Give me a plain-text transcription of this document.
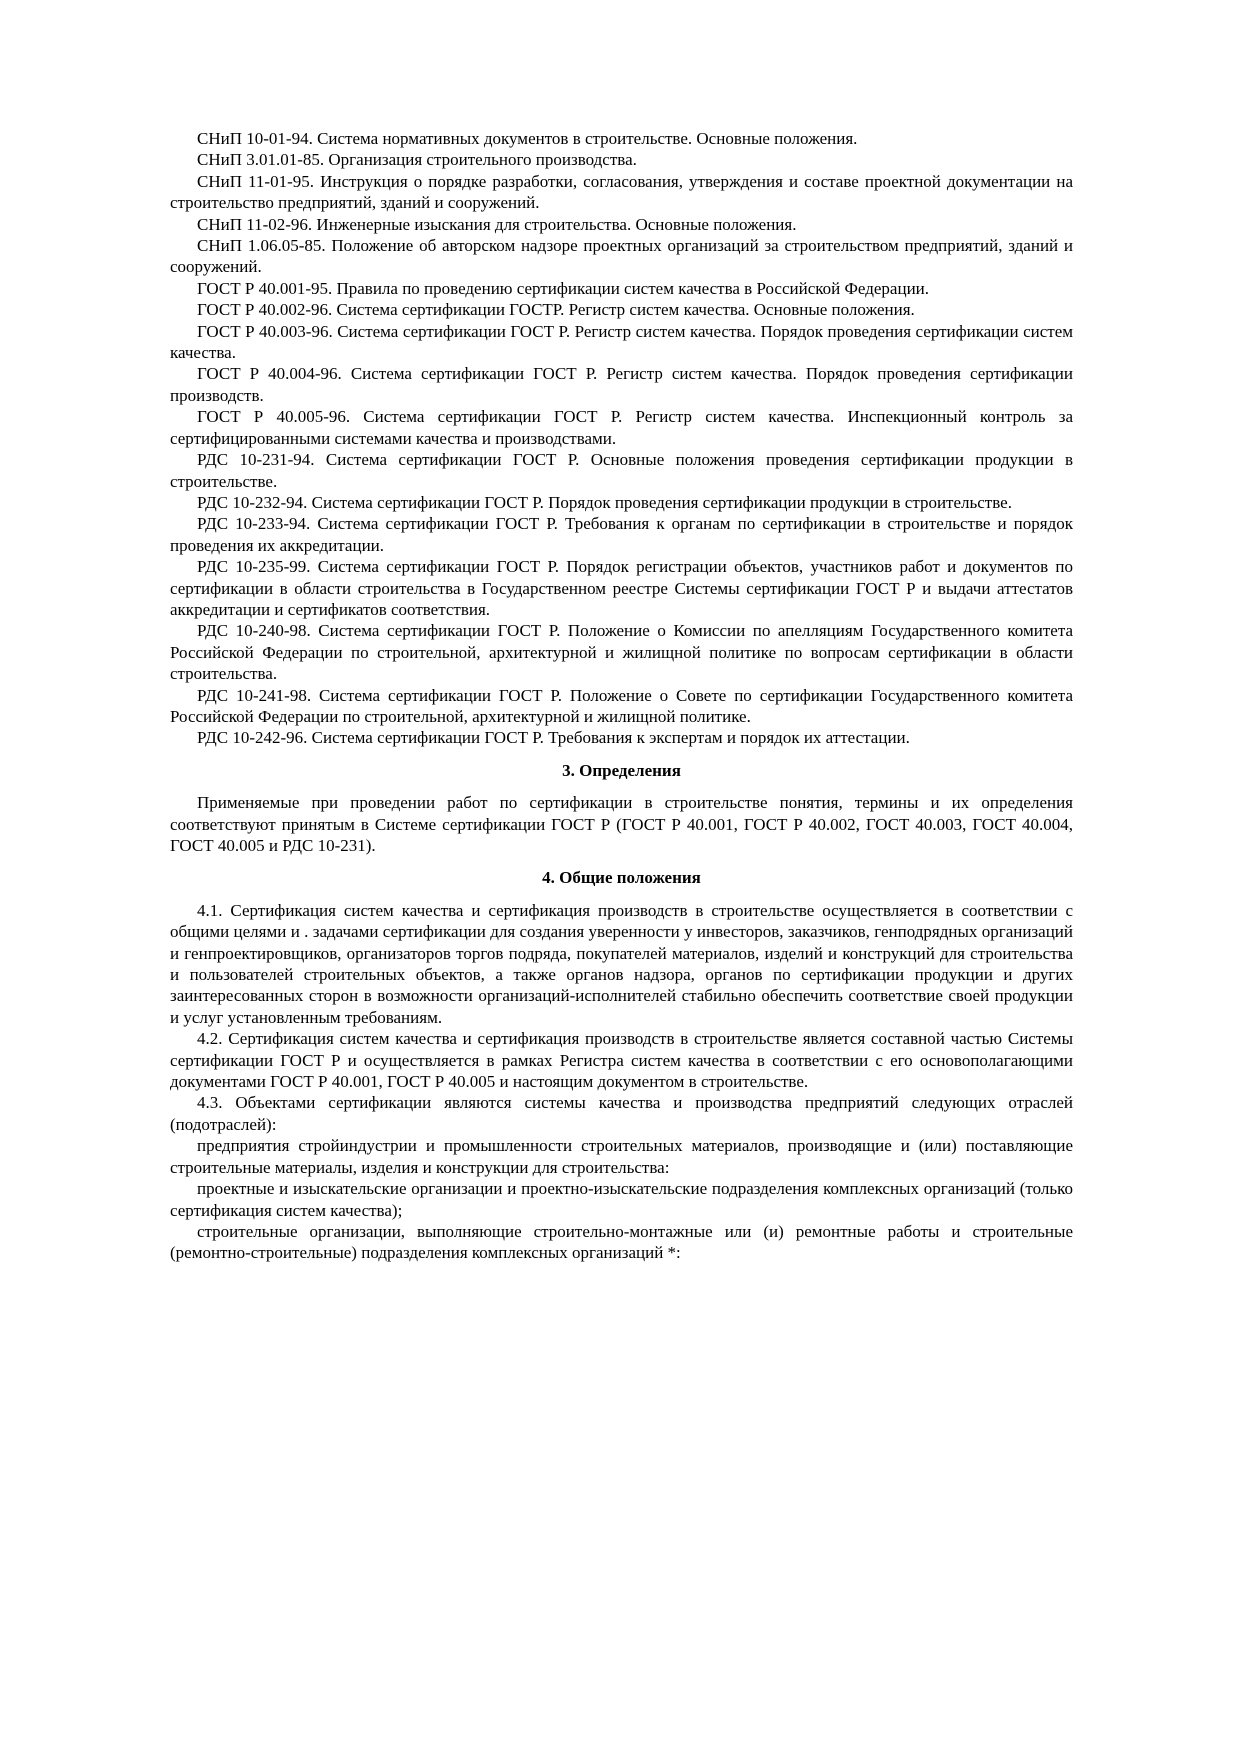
СНиП 10-01-94. Система нормативных документов в строительстве. Основные положения.

СНиП 3.01.01-85. Организация строительного производства.

СНиП 11-01-95. Инструкция о порядке разработки, согласования, утверждения и составе проектной документации на строительство предприятий, зданий и сооружений.

СНиП 11-02-96. Инженерные изыскания для строительства. Основные положения.

СНиП 1.06.05-85. Положение об авторском надзоре проектных организаций за строительством предприятий, зданий и сооружений.

ГОСТ Р 40.001-95. Правила по проведению сертификации систем качества в Российской Федерации.

ГОСТ Р 40.002-96. Система сертификации ГОСТР. Регистр систем качества. Основные положения.

ГОСТ Р 40.003-96. Система сертификации ГОСТ Р. Регистр систем качества. Порядок проведения сертификации систем качества.

ГОСТ Р 40.004-96. Система сертификации ГОСТ Р. Регистр систем качества. Порядок проведения сертификации производств.

ГОСТ Р 40.005-96. Система сертификации ГОСТ Р. Регистр систем качества. Инспекционный контроль за сертифицированными системами качества и производствами.

РДС 10-231-94. Система сертификации ГОСТ Р. Основные положения проведения сертификации продукции в строительстве.

РДС 10-232-94. Система сертификации ГОСТ Р. Порядок проведения сертификации продукции в строительстве.

РДС 10-233-94. Система сертификации ГОСТ Р. Требования к органам по сертификации в строительстве и порядок проведения их аккредитации.

РДС 10-235-99. Система сертификации ГОСТ Р. Порядок регистрации объектов, участников работ и документов по сертификации в области строительства в Государственном реестре Системы сертификации ГОСТ Р и выдачи аттестатов аккредитации и сертификатов соответствия.

РДС 10-240-98. Система сертификации ГОСТ Р. Положение о Комиссии по апелляциям Государственного комитета Российской Федерации по строительной, архитектурной и жилищной политике по вопросам сертификации в области строительства.

РДС 10-241-98. Система сертификации ГОСТ Р. Положение о Совете по сертификации Государственного комитета Российской Федерации по строительной, архитектурной и жилищной политике.

РДС 10-242-96. Система сертификации ГОСТ Р. Требования к экспертам и порядок их аттестации.

3. Определения

Применяемые при проведении работ по сертификации в строительстве понятия, термины и их определения соответствуют принятым в Системе сертификации ГОСТ Р (ГОСТ Р 40.001, ГОСТ Р 40.002, ГОСТ 40.003, ГОСТ 40.004, ГОСТ 40.005 и РДС 10-231).

4. Общие положения

4.1. Сертификация систем качества и сертификация производств в строительстве осуществляется в соответствии с общими целями и . задачами сертификации для создания уверенности у инвесторов, заказчиков, генподрядных организаций и генпроектировщиков, организаторов торгов подряда, покупателей материалов, изделий и конструкций для строительства и пользователей строительных объектов, а также органов надзора, органов по сертификации продукции и других заинтересованных сторон в возможности организаций-исполнителей стабильно обеспечить соответствие своей продукции и услуг установленным требованиям.

4.2. Сертификация систем качества и сертификация производств в строительстве является составной частью Системы сертификации ГОСТ Р и осуществляется в рамках Регистра систем качества в соответствии с его основополагающими документами ГОСТ Р 40.001, ГОСТ Р 40.005 и настоящим документом в строительстве.

4.3. Объектами сертификации являются системы качества и производства предприятий следующих отраслей (подотраслей):

предприятия стройиндустрии и промышленности строительных материалов, производящие и (или) поставляющие строительные материалы, изделия и конструкции для строительства:

проектные и изыскательские организации и проектно-изыскательские подразделения комплексных организаций (только сертификация систем качества);

строительные организации, выполняющие строительно-монтажные или (и) ремонтные работы и строительные (ремонтно-строительные) подразделения комплексных организаций *:
